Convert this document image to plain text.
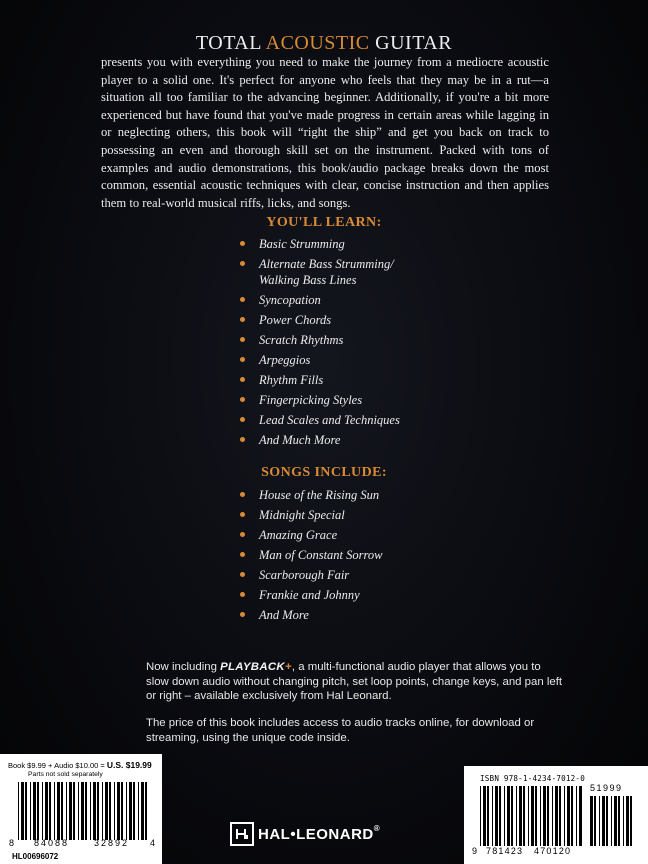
TOTAL ACOUSTIC GUITAR
presents you with everything you need to make the journey from a mediocre acoustic player to a solid one. It's perfect for anyone who feels that they may be in a rut—a situation all too familiar to the advancing beginner. Additionally, if you're a bit more experienced but have found that you've made progress in certain areas while lagging in or neglecting others, this book will “right the ship” and get you back on track to possessing an even and thorough skill set on the instrument. Packed with tons of examples and audio demonstrations, this book/audio package breaks down the most common, essential acoustic techniques with clear, concise instruction and then applies them to real-world musical riffs, licks, and songs.
YOU'LL LEARN:
Basic Strumming
Alternate Bass Strumming/
Walking Bass Lines
Syncopation
Power Chords
Scratch Rhythms
Arpeggios
Rhythm Fills
Fingerpicking Styles
Lead Scales and Techniques
And Much More
SONGS INCLUDE:
House of the Rising Sun
Midnight Special
Amazing Grace
Man of Constant Sorrow
Scarborough Fair
Frankie and Johnny
And More
Now including PLAYBACK+, a multi-functional audio player that allows you to slow down audio without changing pitch, set loop points, change keys, and pan left or right – available exclusively from Hal Leonard.
The price of this book includes access to audio tracks online, for download or streaming, using the unique code inside.
Book $9.99 + Audio $10.00 = U.S. $19.99
Parts not sold separately
8 84088	32892 4
HL00696072
HAL•LEONARD ®
ISBN 978-1-4234-7012-0
9 781423 470120
51999
